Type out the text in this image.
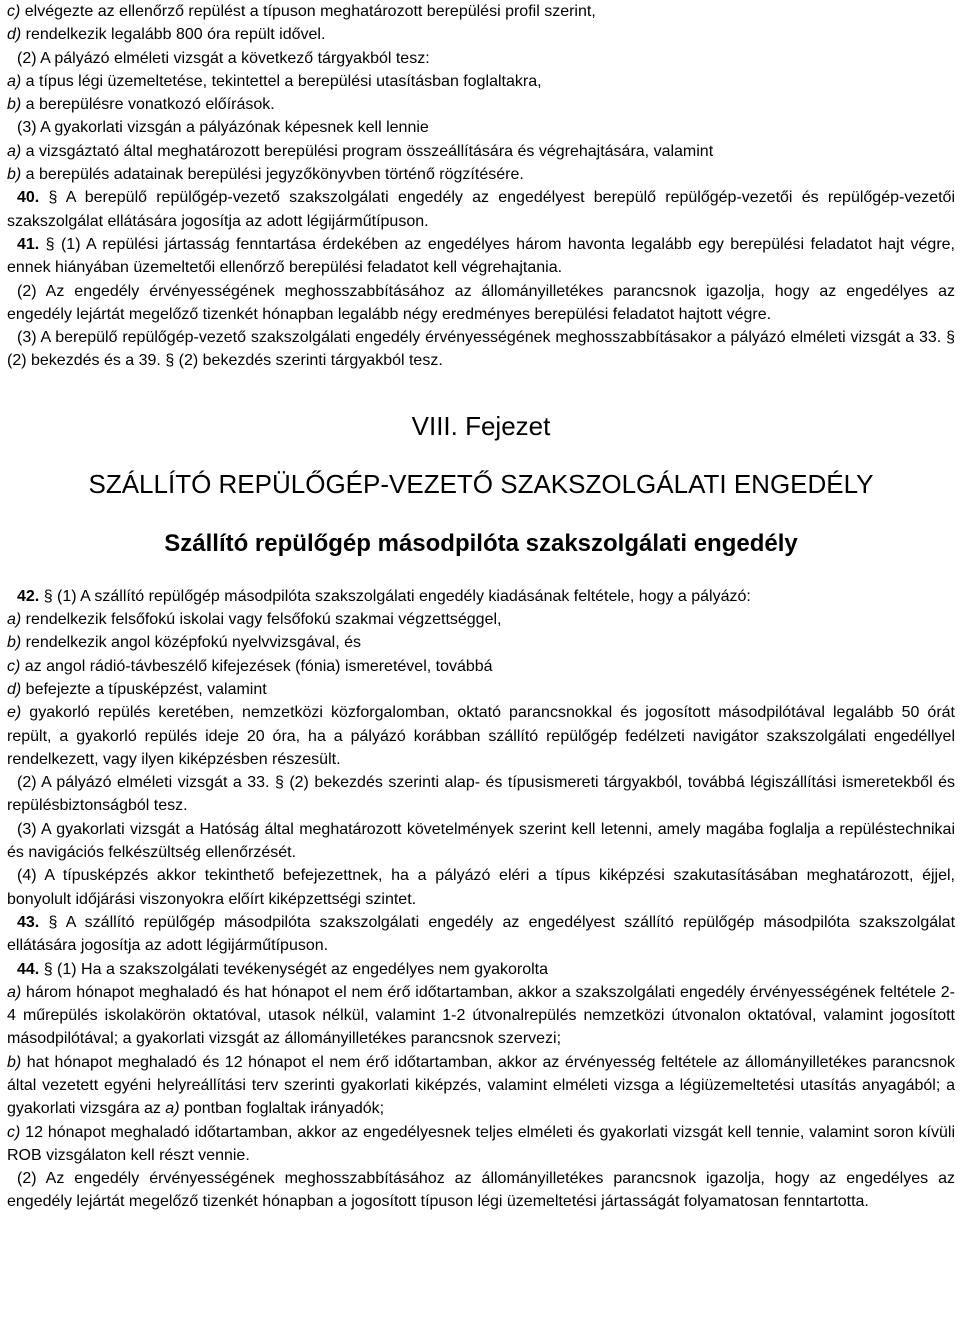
c) elvégezte az ellenőrző repülést a típuson meghatározott berepülési profil szerint,

d) rendelkezik legalább 800 óra repült idővel.

(2) A pályázó elméleti vizsgát a következő tárgyakból tesz:

a) a típus légi üzemeltetése, tekintettel a berepülési utasításban foglaltakra,

b) a berepülésre vonatkozó előírások.

(3) A gyakorlati vizsgán a pályázónak képesnek kell lennie

a) a vizsgáztató által meghatározott berepülési program összeállítására és végrehajtására, valamint

b) a berepülés adatainak berepülési jegyzőkönyvben történő rögzítésére.

40. § A berepülő repülőgép-vezető szakszolgálati engedély az engedélyest berepülő repülőgép-vezetői és repülőgép-vezetői szakszolgálat ellátására jogosítja az adott légijárműtípuson.

41. § (1) A repülési jártasság fenntartása érdekében az engedélyes három havonta legalább egy berepülési feladatot hajt végre, ennek hiányában üzemeltetői ellenőrző berepülési feladatot kell végrehajtania.

(2) Az engedély érvényességének meghosszabbításához az állományilletékes parancsnok igazolja, hogy az engedélyes az engedély lejártát megelőző tizenkét hónapban legalább négy eredményes berepülési feladatot hajtott végre.

(3) A berepülő repülőgép-vezető szakszolgálati engedély érvényességének meghosszabbításakor a pályázó elméleti vizsgát a 33. § (2) bekezdés és a 39. § (2) bekezdés szerinti tárgyakból tesz.

VIII. Fejezet
SZÁLLÍTÓ REPÜLŐGÉP-VEZETŐ SZAKSZOLGÁLATI ENGEDÉLY
Szállító repülőgép másodpilóta szakszolgálati engedély

42. § (1) A szállító repülőgép másodpilóta szakszolgálati engedély kiadásának feltétele, hogy a pályázó:

a) rendelkezik felsőfokú iskolai vagy felsőfokú szakmai végzettséggel,

b) rendelkezik angol középfokú nyelvvizsgával, és

c) az angol rádió-távbeszélő kifejezések (fónia) ismeretével, továbbá

d) befejezte a típusképzést, valamint

e) gyakorló repülés keretében, nemzetközi közforgalomban, oktató parancsnokkal és jogosított másodpilótával legalább 50 órát repült, a gyakorló repülés ideje 20 óra, ha a pályázó korábban szállító repülőgép fedélzeti navigátor szakszolgálati engedéllyel rendelkezett, vagy ilyen kiképzésben részesült.

(2) A pályázó elméleti vizsgát a 33. § (2) bekezdés szerinti alap- és típusismereti tárgyakból, továbbá légiszállítási ismeretekből és repülésbiztonságból tesz.

(3) A gyakorlati vizsgát a Hatóság által meghatározott követelmények szerint kell letenni, amely magába foglalja a repüléstechnikai és navigációs felkészültség ellenőrzését.

(4) A típusképzés akkor tekinthető befejezettnek, ha a pályázó eléri a típus kiképzési szakutasításában meghatározott, éjjel, bonyolult időjárási viszonyokra előírt kiképzettségi szintet.

43. § A szállító repülőgép másodpilóta szakszolgálati engedély az engedélyest szállító repülőgép másodpilóta szakszolgálat ellátására jogosítja az adott légijárműtípuson.

44. § (1) Ha a szakszolgálati tevékenységét az engedélyes nem gyakorolta

a) három hónapot meghaladó és hat hónapot el nem érő időtartamban, akkor a szakszolgálati engedély érvényességének feltétele 2-4 műrepülés iskolakörön oktatóval, utasok nélkül, valamint 1-2 útvonalrepülés nemzetközi útvonalon oktatóval, valamint jogosított másodpilótával; a gyakorlati vizsgát az állományilletékes parancsnok szervezi;

b) hat hónapot meghaladó és 12 hónapot el nem érő időtartamban, akkor az érvényesség feltétele az állományilletékes parancsnok által vezetett egyéni helyreállítási terv szerinti gyakorlati kiképzés, valamint elméleti vizsga a légiüzemeltetési utasítás anyagából; a gyakorlati vizsgára az a) pontban foglaltak irányadók;

c) 12 hónapot meghaladó időtartamban, akkor az engedélyesnek teljes elméleti és gyakorlati vizsgát kell tennie, valamint soron kívüli ROB vizsgálaton kell részt vennie.

(2) Az engedély érvényességének meghosszabbításához az állományilletékes parancsnok igazolja, hogy az engedélyes az engedély lejártát megelőző tizenkét hónapban a jogosított típuson légi üzemeltetési jártasságát folyamatosan fenntartotta.
